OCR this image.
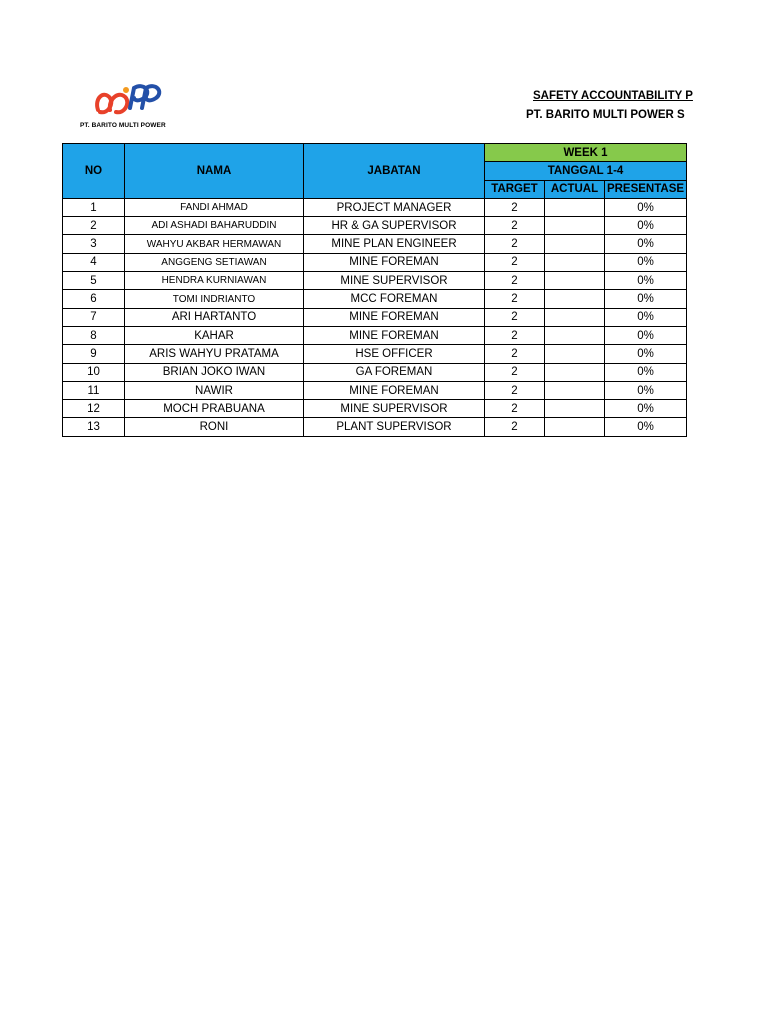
PT. BARITO MULTI POWER
SAFETY ACCOUNTABILITY P
PT. BARITO MULTI POWER S
NO	NAMA	JABATAN	WEEK 1		
			TANGGAL 1-4		
			TARGET	ACTUAL	PRESENTASE
1	FANDI AHMAD	PROJECT MANAGER	2		0%
2	ADI ASHADI BAHARUDDIN	HR & GA SUPERVISOR	2		0%
3	WAHYU AKBAR HERMAWAN	MINE PLAN ENGINEER	2		0%
4	ANGGENG SETIAWAN	MINE FOREMAN	2		0%
5	HENDRA KURNIAWAN	MINE SUPERVISOR	2		0%
6	TOMI INDRIANTO	MCC FOREMAN	2		0%
7	ARI HARTANTO	MINE FOREMAN	2		0%
8	KAHAR	MINE FOREMAN	2		0%
9	ARIS WAHYU PRATAMA	HSE OFFICER	2		0%
10	BRIAN JOKO IWAN	GA FOREMAN	2		0%
11	NAWIR	MINE FOREMAN	2		0%
12	MOCH PRABUANA	MINE SUPERVISOR	2		0%
13	RONI	PLANT SUPERVISOR	2		0%
